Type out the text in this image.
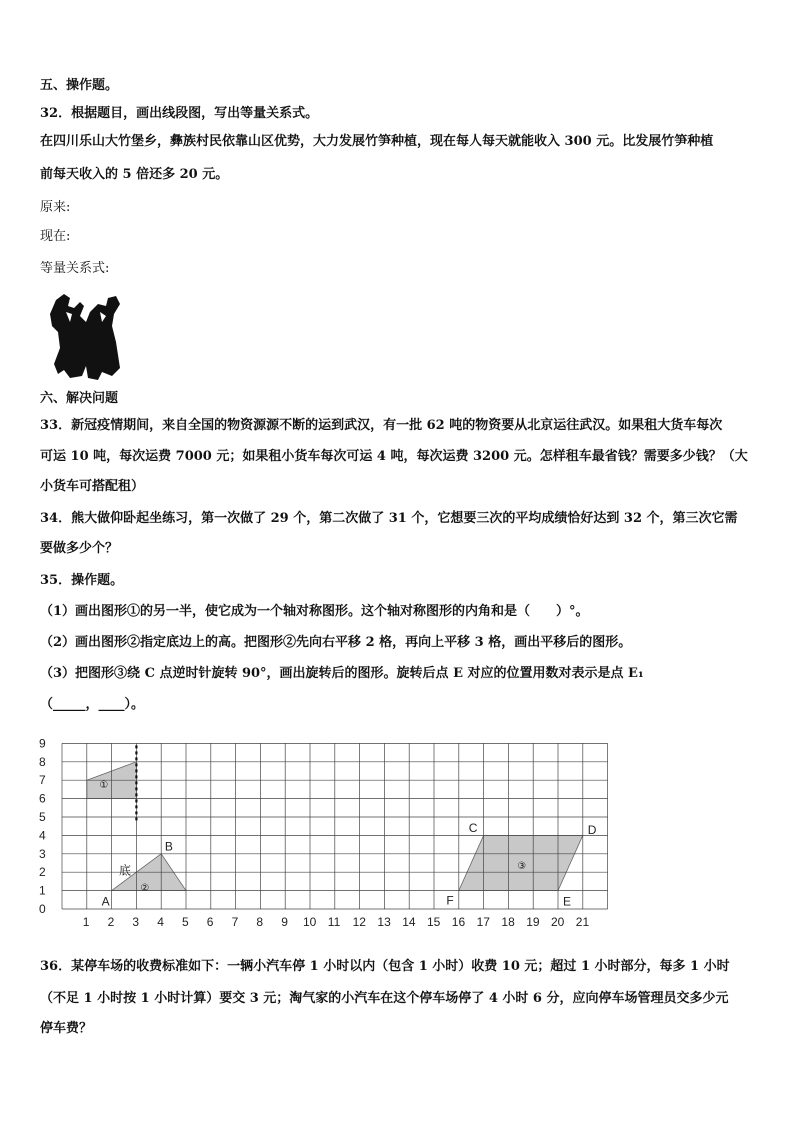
五、操作题。
32．根据题目，画出线段图，写出等量关系式。
在四川乐山大竹堡乡，彝族村民依靠山区优势，大力发展竹笋种植，现在每人每天就能收入 300 元。比发展竹笋种植
前每天收入的 5 倍还多 20 元。
原来:
现在:
等量关系式:
六、解决问题
33．新冠疫情期间，来自全国的物资源源不断的运到武汉，有一批 62 吨的物资要从北京运往武汉。如果租大货车每次
可运 10 吨，每次运费 7000 元；如果租小货车每次可运 4 吨，每次运费 3200 元。怎样租车最省钱？需要多少钱？（大
小货车可搭配租）
34．熊大做仰卧起坐练习，第一次做了 29 个，第二次做了 31 个，它想要三次的平均成绩恰好达到 32 个，第三次它需
要做多少个？
35．操作题。
（1）画出图形①的另一半，使它成为一个轴对称图形。这个轴对称图形的内角和是（　　）°。
（2）画出图形②指定底边上的高。把图形②先向右平移 2 格，再向上平移 3 格，画出平移后的图形。
（3）把图形③绕 C 点逆时针旋转 90°，画出旋转后的图形。旋转后点 E 对应的位置用数对表示是点 E₁
（_____，____）。
0
1
2
3
4
5
6
7
8
9
1 2 3 4 5 6 7 8 9 10 11 12 13 14 15 16 17 18 19 20 21
①
②
底
A
B
③
C	D
E
F
36．某停车场的收费标准如下：一辆小汽车停 1 小时以内（包含 1 小时）收费 10 元；超过 1 小时部分，每多 1 小时
（不足 1 小时按 1 小时计算）要交 3 元；淘气家的小汽车在这个停车场停了 4 小时 6 分，应向停车场管理员交多少元
停车费？
